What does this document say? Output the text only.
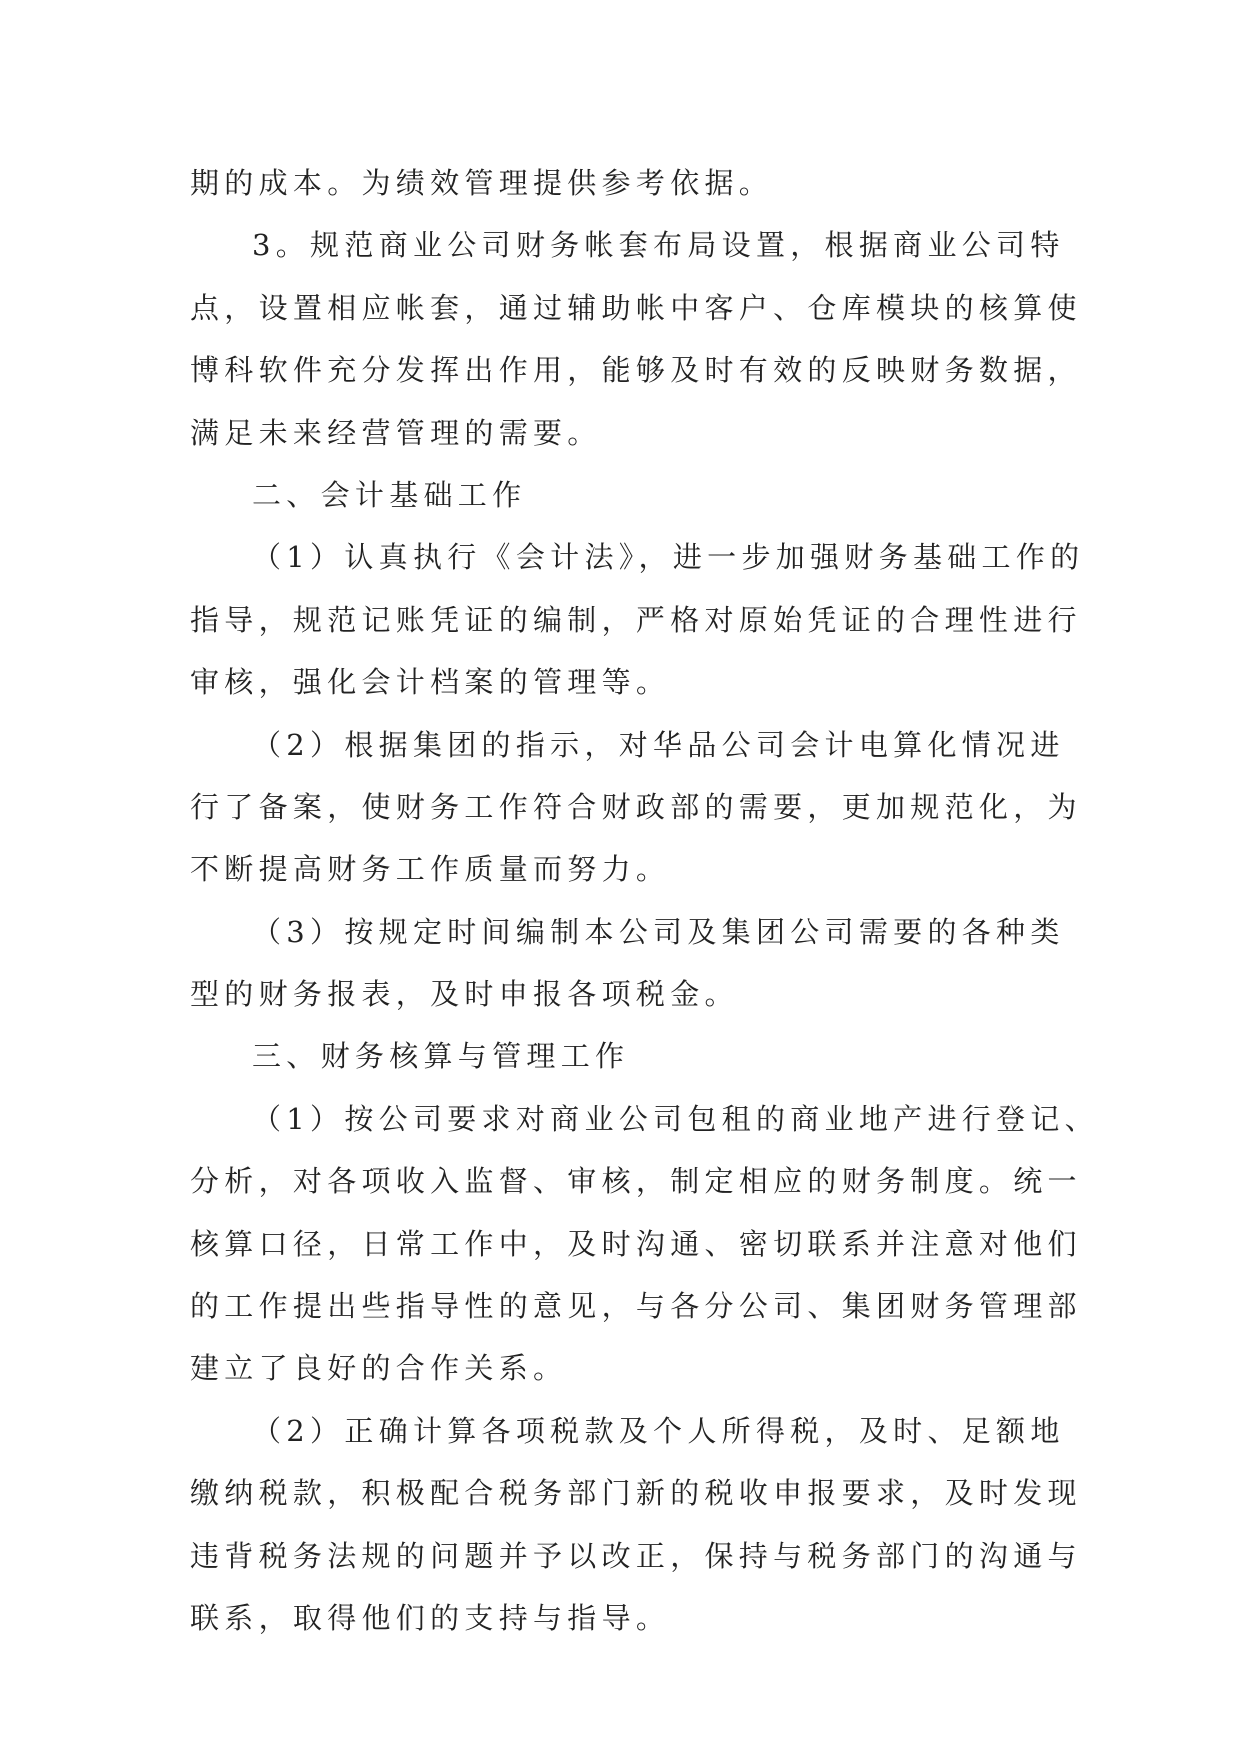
期的成本。为绩效管理提供参考依据。
3。规范商业公司财务帐套布局设置，根据商业公司特
点，设置相应帐套，通过辅助帐中客户、仓库模块的核算使
博科软件充分发挥出作用，能够及时有效的反映财务数据，
满足未来经营管理的需要。
二、会计基础工作
（1）认真执行《会计法》，进一步加强财务基础工作的
指导，规范记账凭证的编制，严格对原始凭证的合理性进行
审核，强化会计档案的管理等。
（2）根据集团的指示，对华品公司会计电算化情况进
行了备案，使财务工作符合财政部的需要，更加规范化，为
不断提高财务工作质量而努力。
（3）按规定时间编制本公司及集团公司需要的各种类
型的财务报表，及时申报各项税金。
三、财务核算与管理工作
（1）按公司要求对商业公司包租的商业地产进行登记、
分析，对各项收入监督、审核，制定相应的财务制度。统一
核算口径，日常工作中，及时沟通、密切联系并注意对他们
的工作提出些指导性的意见，与各分公司、集团财务管理部
建立了良好的合作关系。
（2）正确计算各项税款及个人所得税，及时、足额地
缴纳税款，积极配合税务部门新的税收申报要求，及时发现
违背税务法规的问题并予以改正，保持与税务部门的沟通与
联系，取得他们的支持与指导。
